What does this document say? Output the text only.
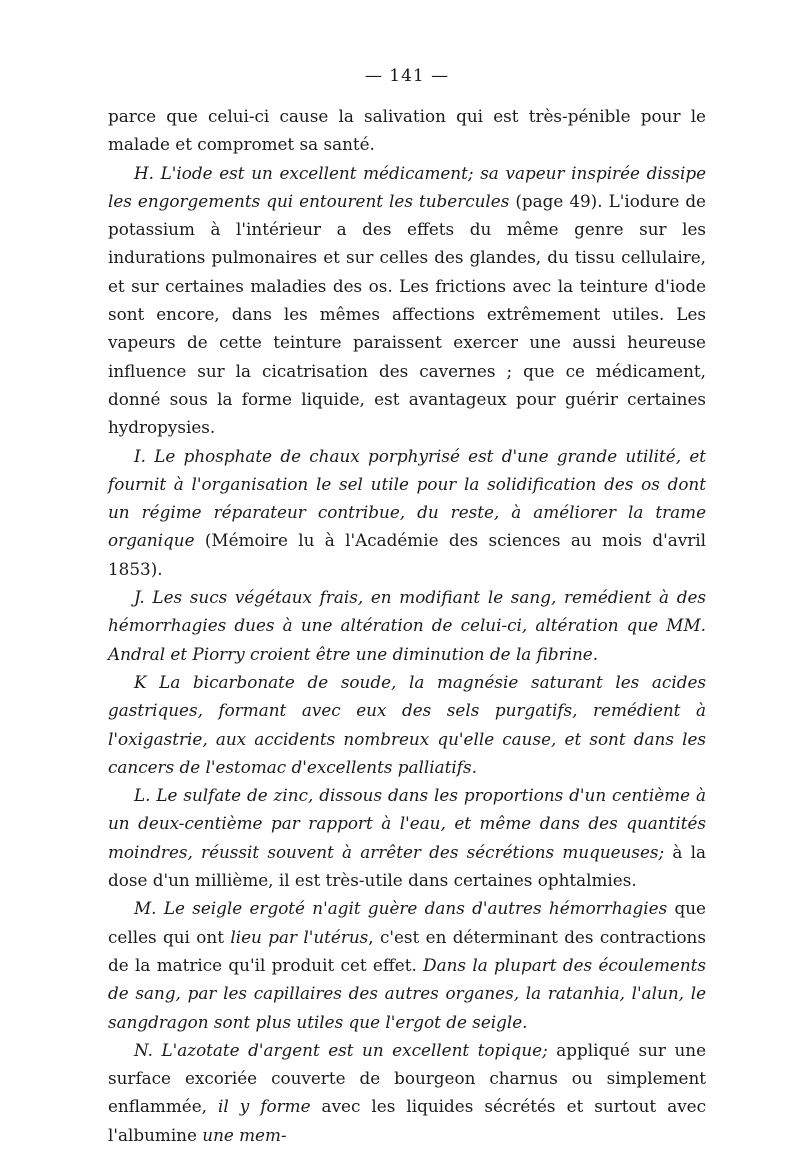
— 141 —

parce que celui-ci cause la salivation qui est très-pénible pour le malade et compromet sa santé.

H. L'iode est un excellent médicament; sa vapeur inspirée dissipe les engorgements qui entourent les tubercules (page 49). L'iodure de potassium à l'intérieur a des effets du même genre sur les indurations pulmonaires et sur celles des glandes, du tissu cellulaire, et sur certaines maladies des os. Les frictions avec la teinture d'iode sont encore, dans les mêmes affections extrêmement utiles. Les vapeurs de cette teinture paraissent exercer une aussi heureuse influence sur la cicatrisation des cavernes ; que ce médicament, donné sous la forme liquide, est avantageux pour guérir certaines hydropysies.

I. Le phosphate de chaux porphyrisé est d'une grande utilité, et fournit à l'organisation le sel utile pour la solidification des os dont un régime réparateur contribue, du reste, à améliorer la trame organique (Mémoire lu à l'Académie des sciences au mois d'avril 1853).

J. Les sucs végétaux frais, en modifiant le sang, remédient à des hémorrhagies dues à une altération de celui-ci, altération que MM. Andral et Piorry croient être une diminution de la fibrine.

K La bicarbonate de soude, la magnésie saturant les acides gastriques, formant avec eux des sels purgatifs, remédient à l'oxigastrie, aux accidents nombreux qu'elle cause, et sont dans les cancers de l'estomac d'excellents palliatifs.

L. Le sulfate de zinc, dissous dans les proportions d'un centième à un deux-centième par rapport à l'eau, et même dans des quantités moindres, réussit souvent à arrêter des sécrétions muqueuses; à la dose d'un millième, il est très-utile dans certaines ophtalmies.

M. Le seigle ergoté n'agit guère dans d'autres hémorrhagies que celles qui ont lieu par l'utérus, c'est en déterminant des contractions de la matrice qu'il produit cet effet. Dans la plupart des écoulements de sang, par les capillaires des autres organes, la ratanhia, l'alun, le sangdragon sont plus utiles que l'ergot de seigle.

N. L'azotate d'argent est un excellent topique; appliqué sur une surface excoriée couverte de bourgeon charnus ou simplement enflammée, il y forme avec les liquides sécrétés et surtout avec l'albumine une mem-
